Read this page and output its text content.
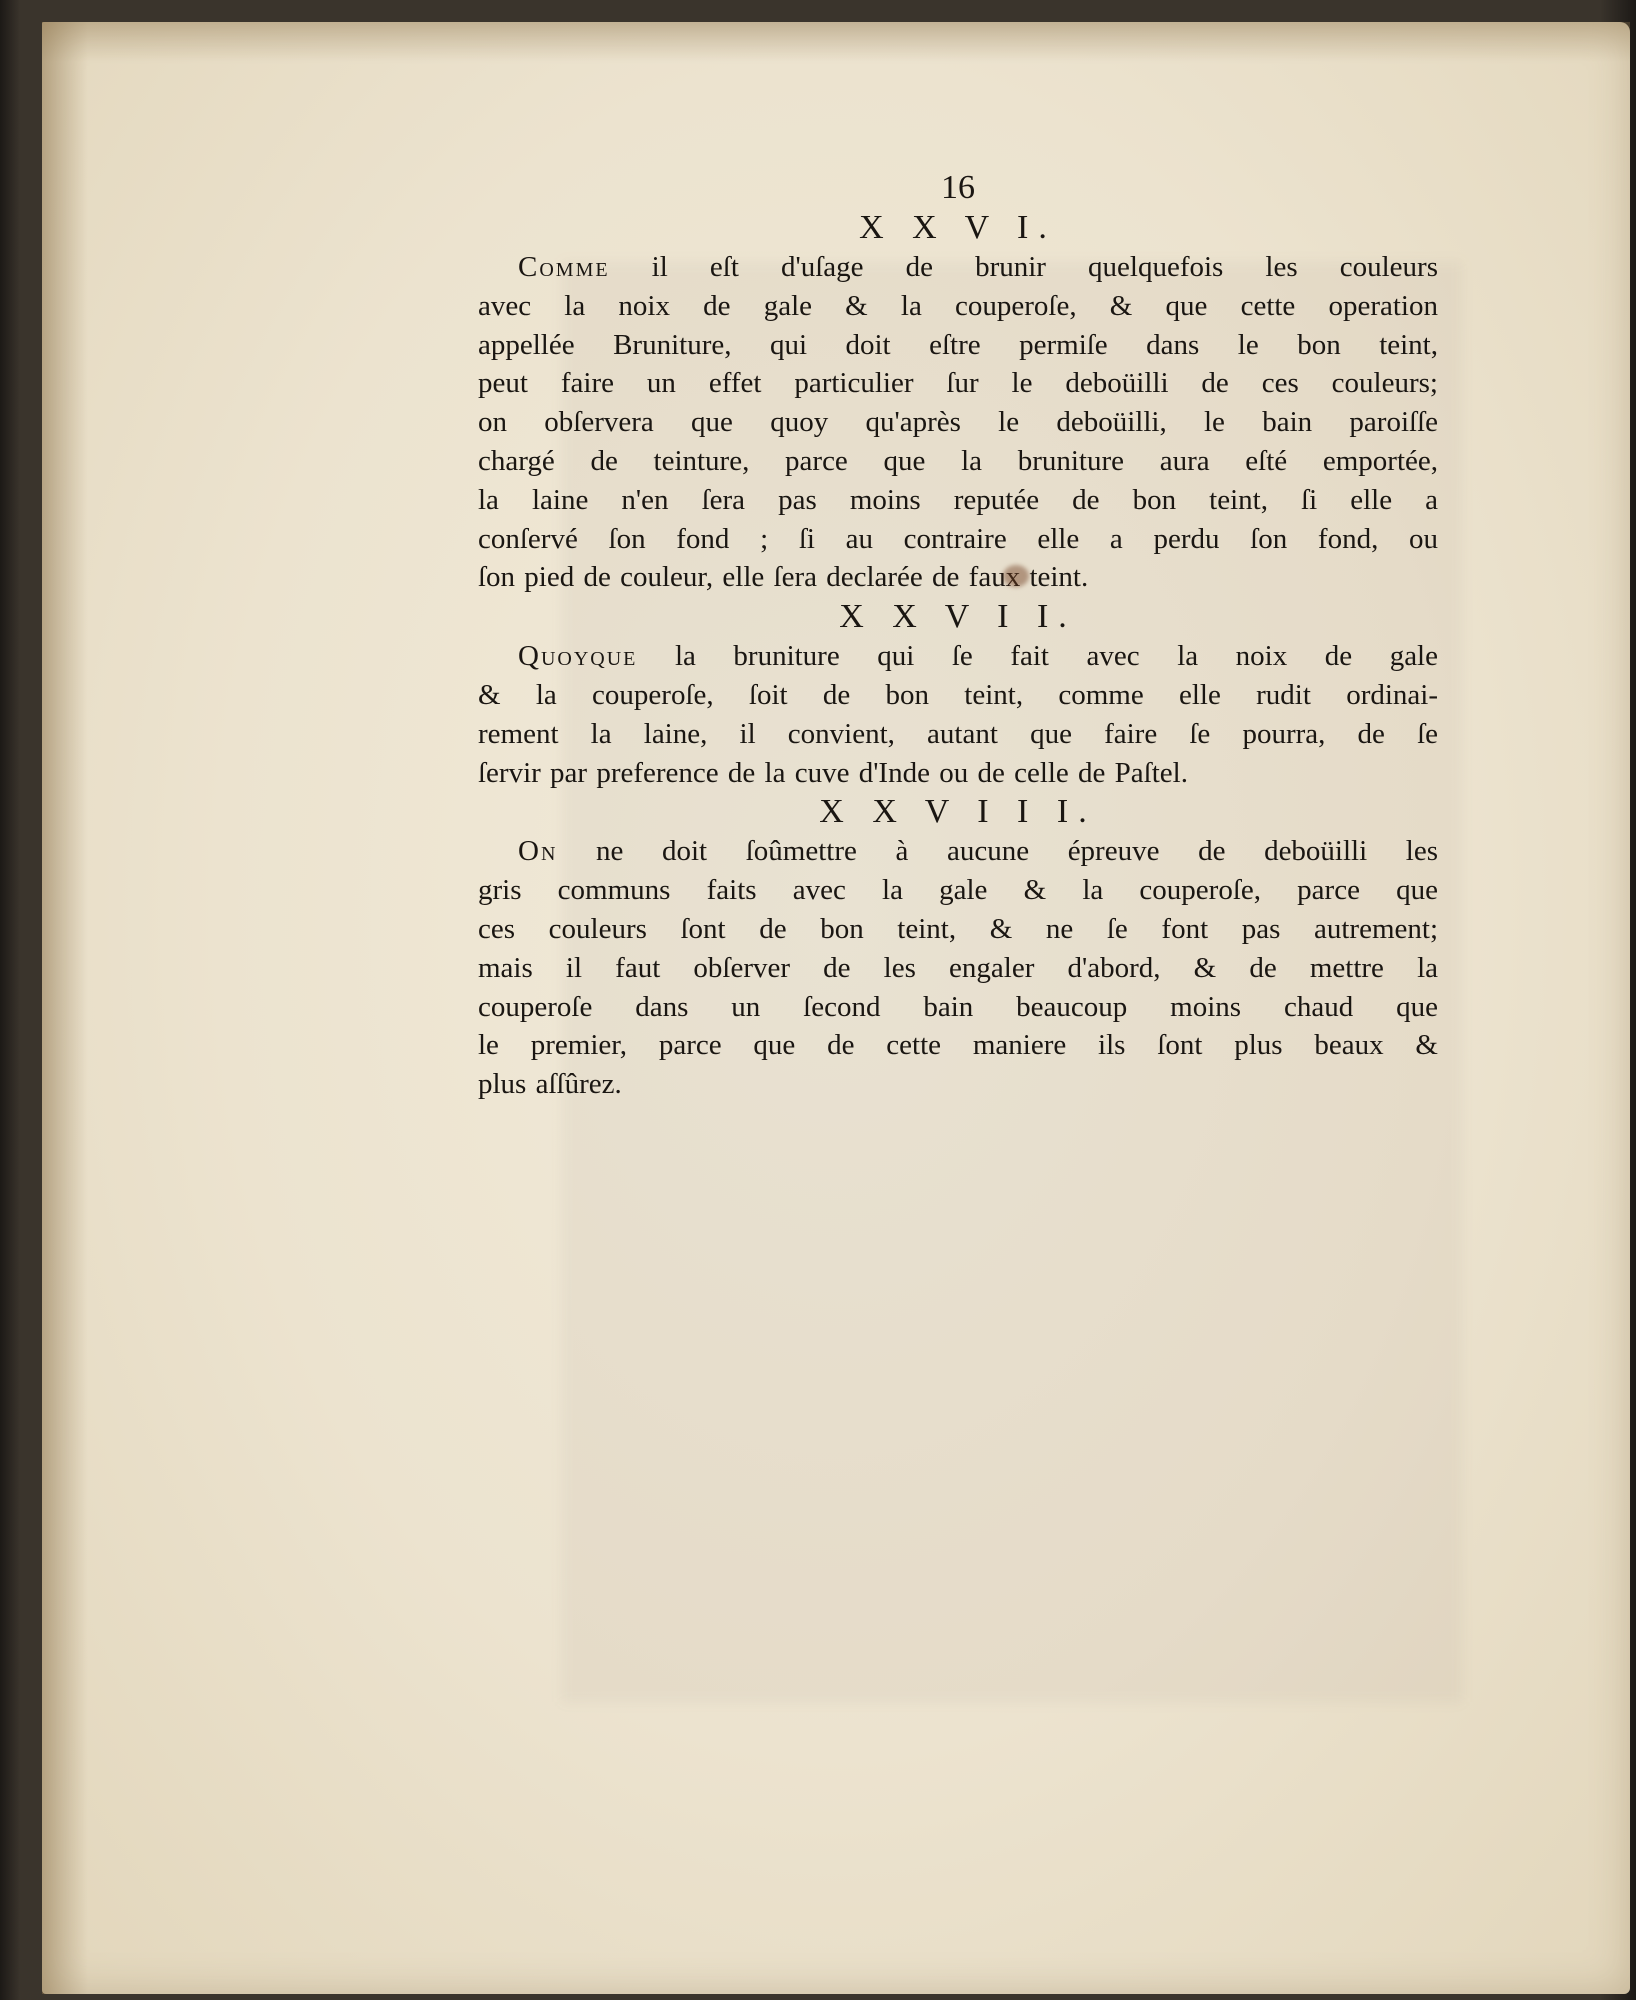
16
X X V I.
Comme il eſt d'uſage de brunir quelquefois les couleurs
avec la noix de gale & la couperoſe, & que cette operation
appellée Bruniture, qui doit eſtre permiſe dans le bon teint,
peut faire un effet particulier ſur le deboüilli de ces couleurs;
on obſervera que quoy qu'après le deboüilli, le bain paroiſſe
chargé de teinture, parce que la bruniture aura eſté emportée,
la laine n'en ſera pas moins reputée de bon teint, ſi elle a
conſervé ſon fond ; ſi au contraire elle a perdu ſon fond, ou
ſon pied de couleur, elle ſera declarée de faux teint.
X X V I I.
Quoyque la bruniture qui ſe fait avec la noix de gale
& la couperoſe, ſoit de bon teint, comme elle rudit ordinai-
rement la laine, il convient, autant que faire ſe pourra, de ſe
ſervir par preference de la cuve d'Inde ou de celle de Paſtel.
X X V I I I.
On ne doit ſoûmettre à aucune épreuve de deboüilli les
gris communs faits avec la gale & la couperoſe, parce que
ces couleurs ſont de bon teint, & ne ſe font pas autrement;
mais il faut obſerver de les engaler d'abord, & de mettre la
couperoſe dans un ſecond bain beaucoup moins chaud que
le premier, parce que de cette maniere ils ſont plus beaux &
plus aſſûrez.
